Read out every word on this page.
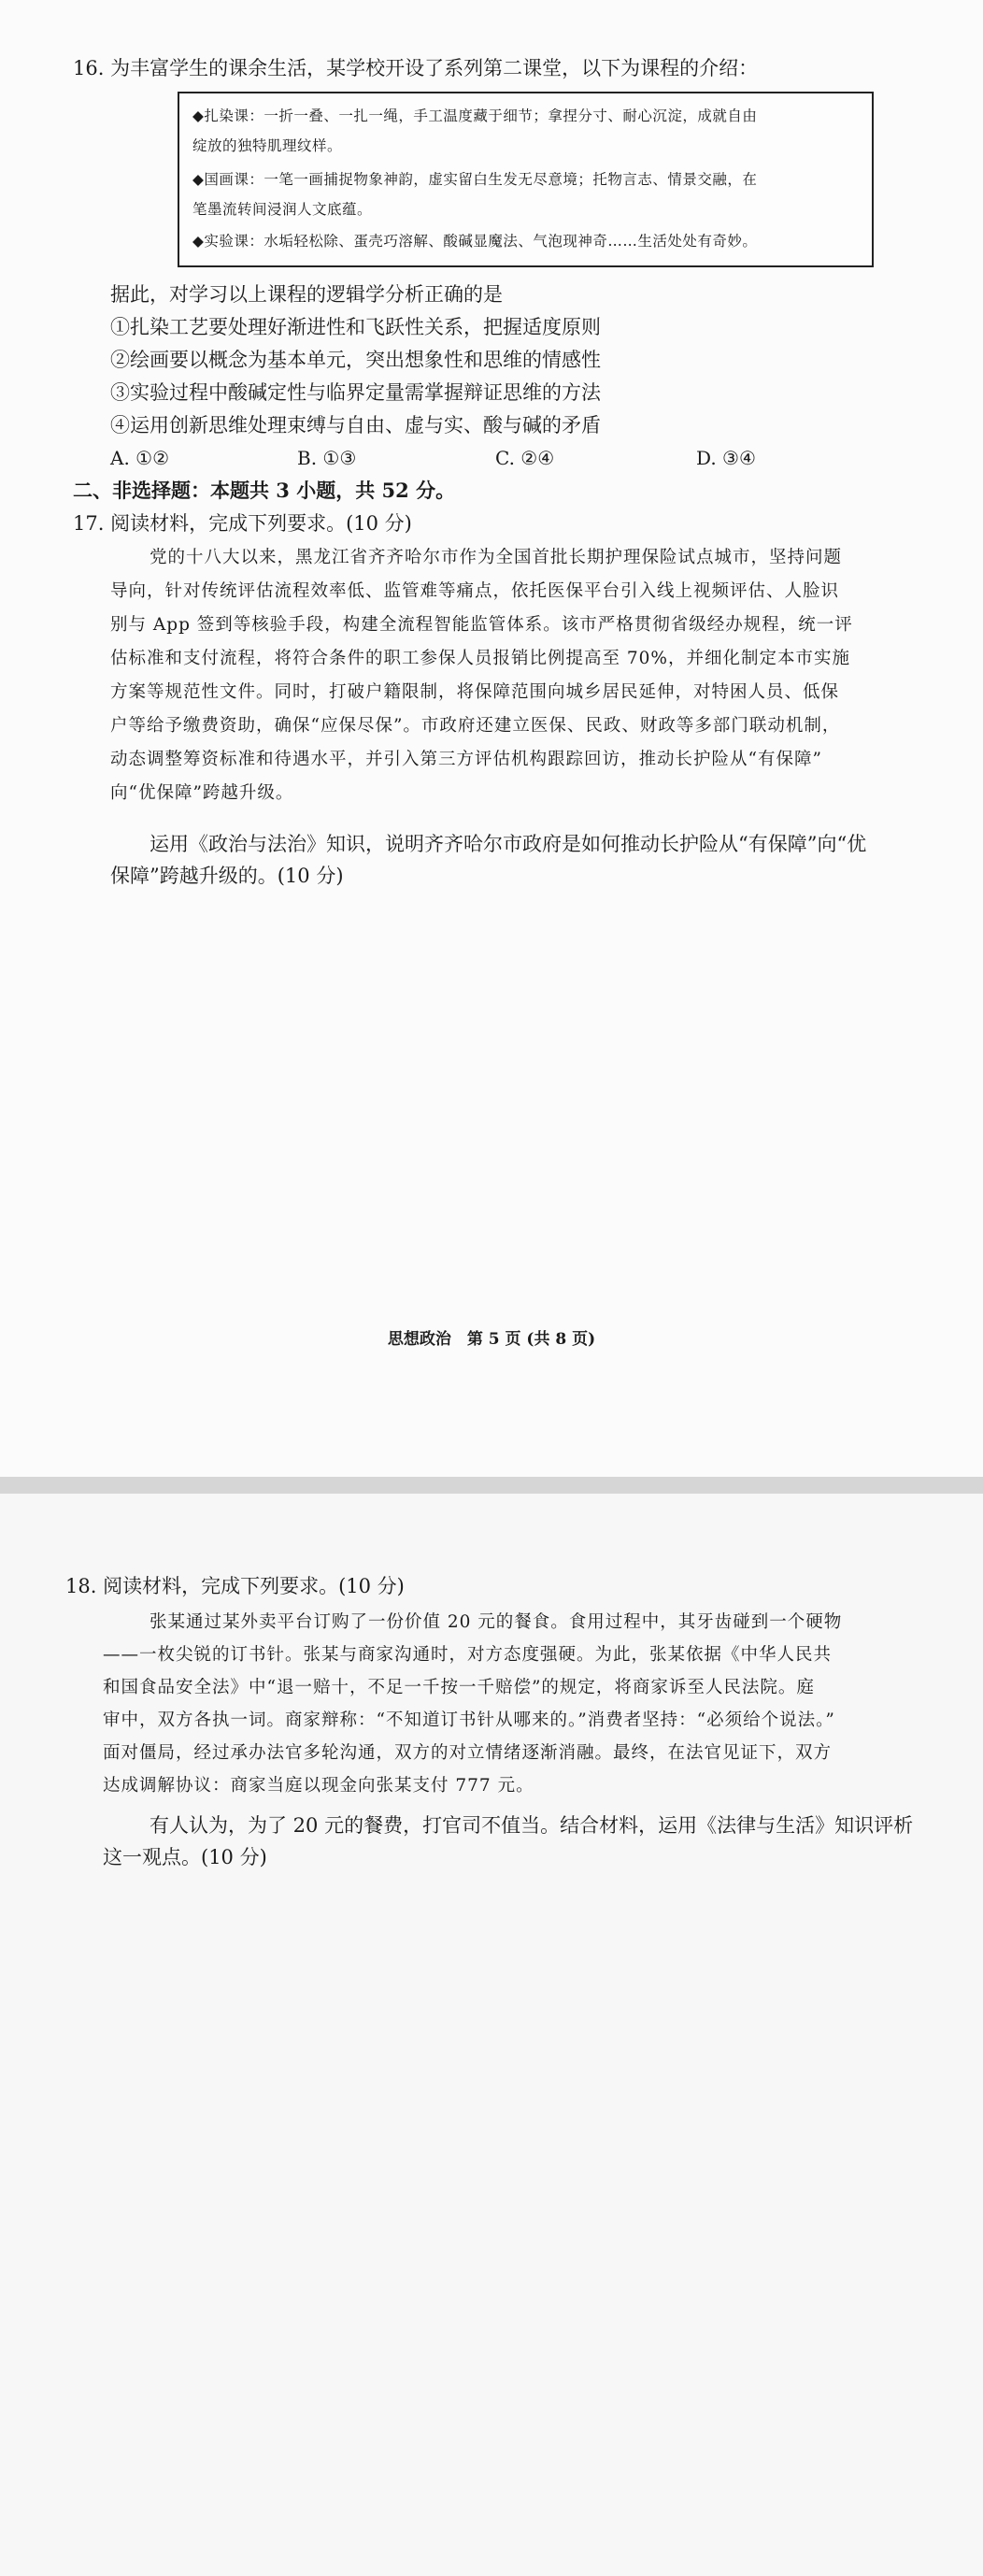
16. 为丰富学生的课余生活，某学校开设了系列第二课堂，以下为课程的介绍：
◆扎染课：一折一叠、一扎一绳，手工温度藏于细节；拿捏分寸、耐心沉淀，成就自由
绽放的独特肌理纹样。
◆国画课：一笔一画捕捉物象神韵，虚实留白生发无尽意境；托物言志、情景交融，在
笔墨流转间浸润人文底蕴。
◆实验课：水垢轻松除、蛋壳巧溶解、酸碱显魔法、气泡现神奇……生活处处有奇妙。
据此，对学习以上课程的逻辑学分析正确的是
①扎染工艺要处理好渐进性和飞跃性关系，把握适度原则
②绘画要以概念为基本单元，突出想象性和思维的情感性
③实验过程中酸碱定性与临界定量需掌握辩证思维的方法
④运用创新思维处理束缚与自由、虚与实、酸与碱的矛盾
A. ①②	B. ①③	C. ②④	D. ③④
二、非选择题：本题共 3 小题，共 52 分。
17. 阅读材料，完成下列要求。(10 分)
党的十八大以来，黑龙江省齐齐哈尔市作为全国首批长期护理保险试点城市，坚持问题
导向，针对传统评估流程效率低、监管难等痛点，依托医保平台引入线上视频评估、人脸识
别与 App 签到等核验手段，构建全流程智能监管体系。该市严格贯彻省级经办规程，统一评
估标准和支付流程，将符合条件的职工参保人员报销比例提高至 70%，并细化制定本市实施
方案等规范性文件。同时，打破户籍限制，将保障范围向城乡居民延伸，对特困人员、低保
户等给予缴费资助，确保“应保尽保”。市政府还建立医保、民政、财政等多部门联动机制，
动态调整筹资标准和待遇水平，并引入第三方评估机构跟踪回访，推动长护险从“有保障”
向“优保障”跨越升级。
运用《政治与法治》知识，说明齐齐哈尔市政府是如何推动长护险从“有保障”向“优
保障”跨越升级的。(10 分)
思想政治　第 5 页 (共 8 页)
18. 阅读材料，完成下列要求。(10 分)
张某通过某外卖平台订购了一份价值 20 元的餐食。食用过程中，其牙齿碰到一个硬物
——一枚尖锐的订书针。张某与商家沟通时，对方态度强硬。为此，张某依据《中华人民共
和国食品安全法》中“退一赔十，不足一千按一千赔偿”的规定，将商家诉至人民法院。庭
审中，双方各执一词。商家辩称：“不知道订书针从哪来的。”消费者坚持：“必须给个说法。”
面对僵局，经过承办法官多轮沟通，双方的对立情绪逐渐消融。最终，在法官见证下，双方
达成调解协议：商家当庭以现金向张某支付 777 元。
有人认为，为了 20 元的餐费，打官司不值当。结合材料，运用《法律与生活》知识评析
这一观点。(10 分)
